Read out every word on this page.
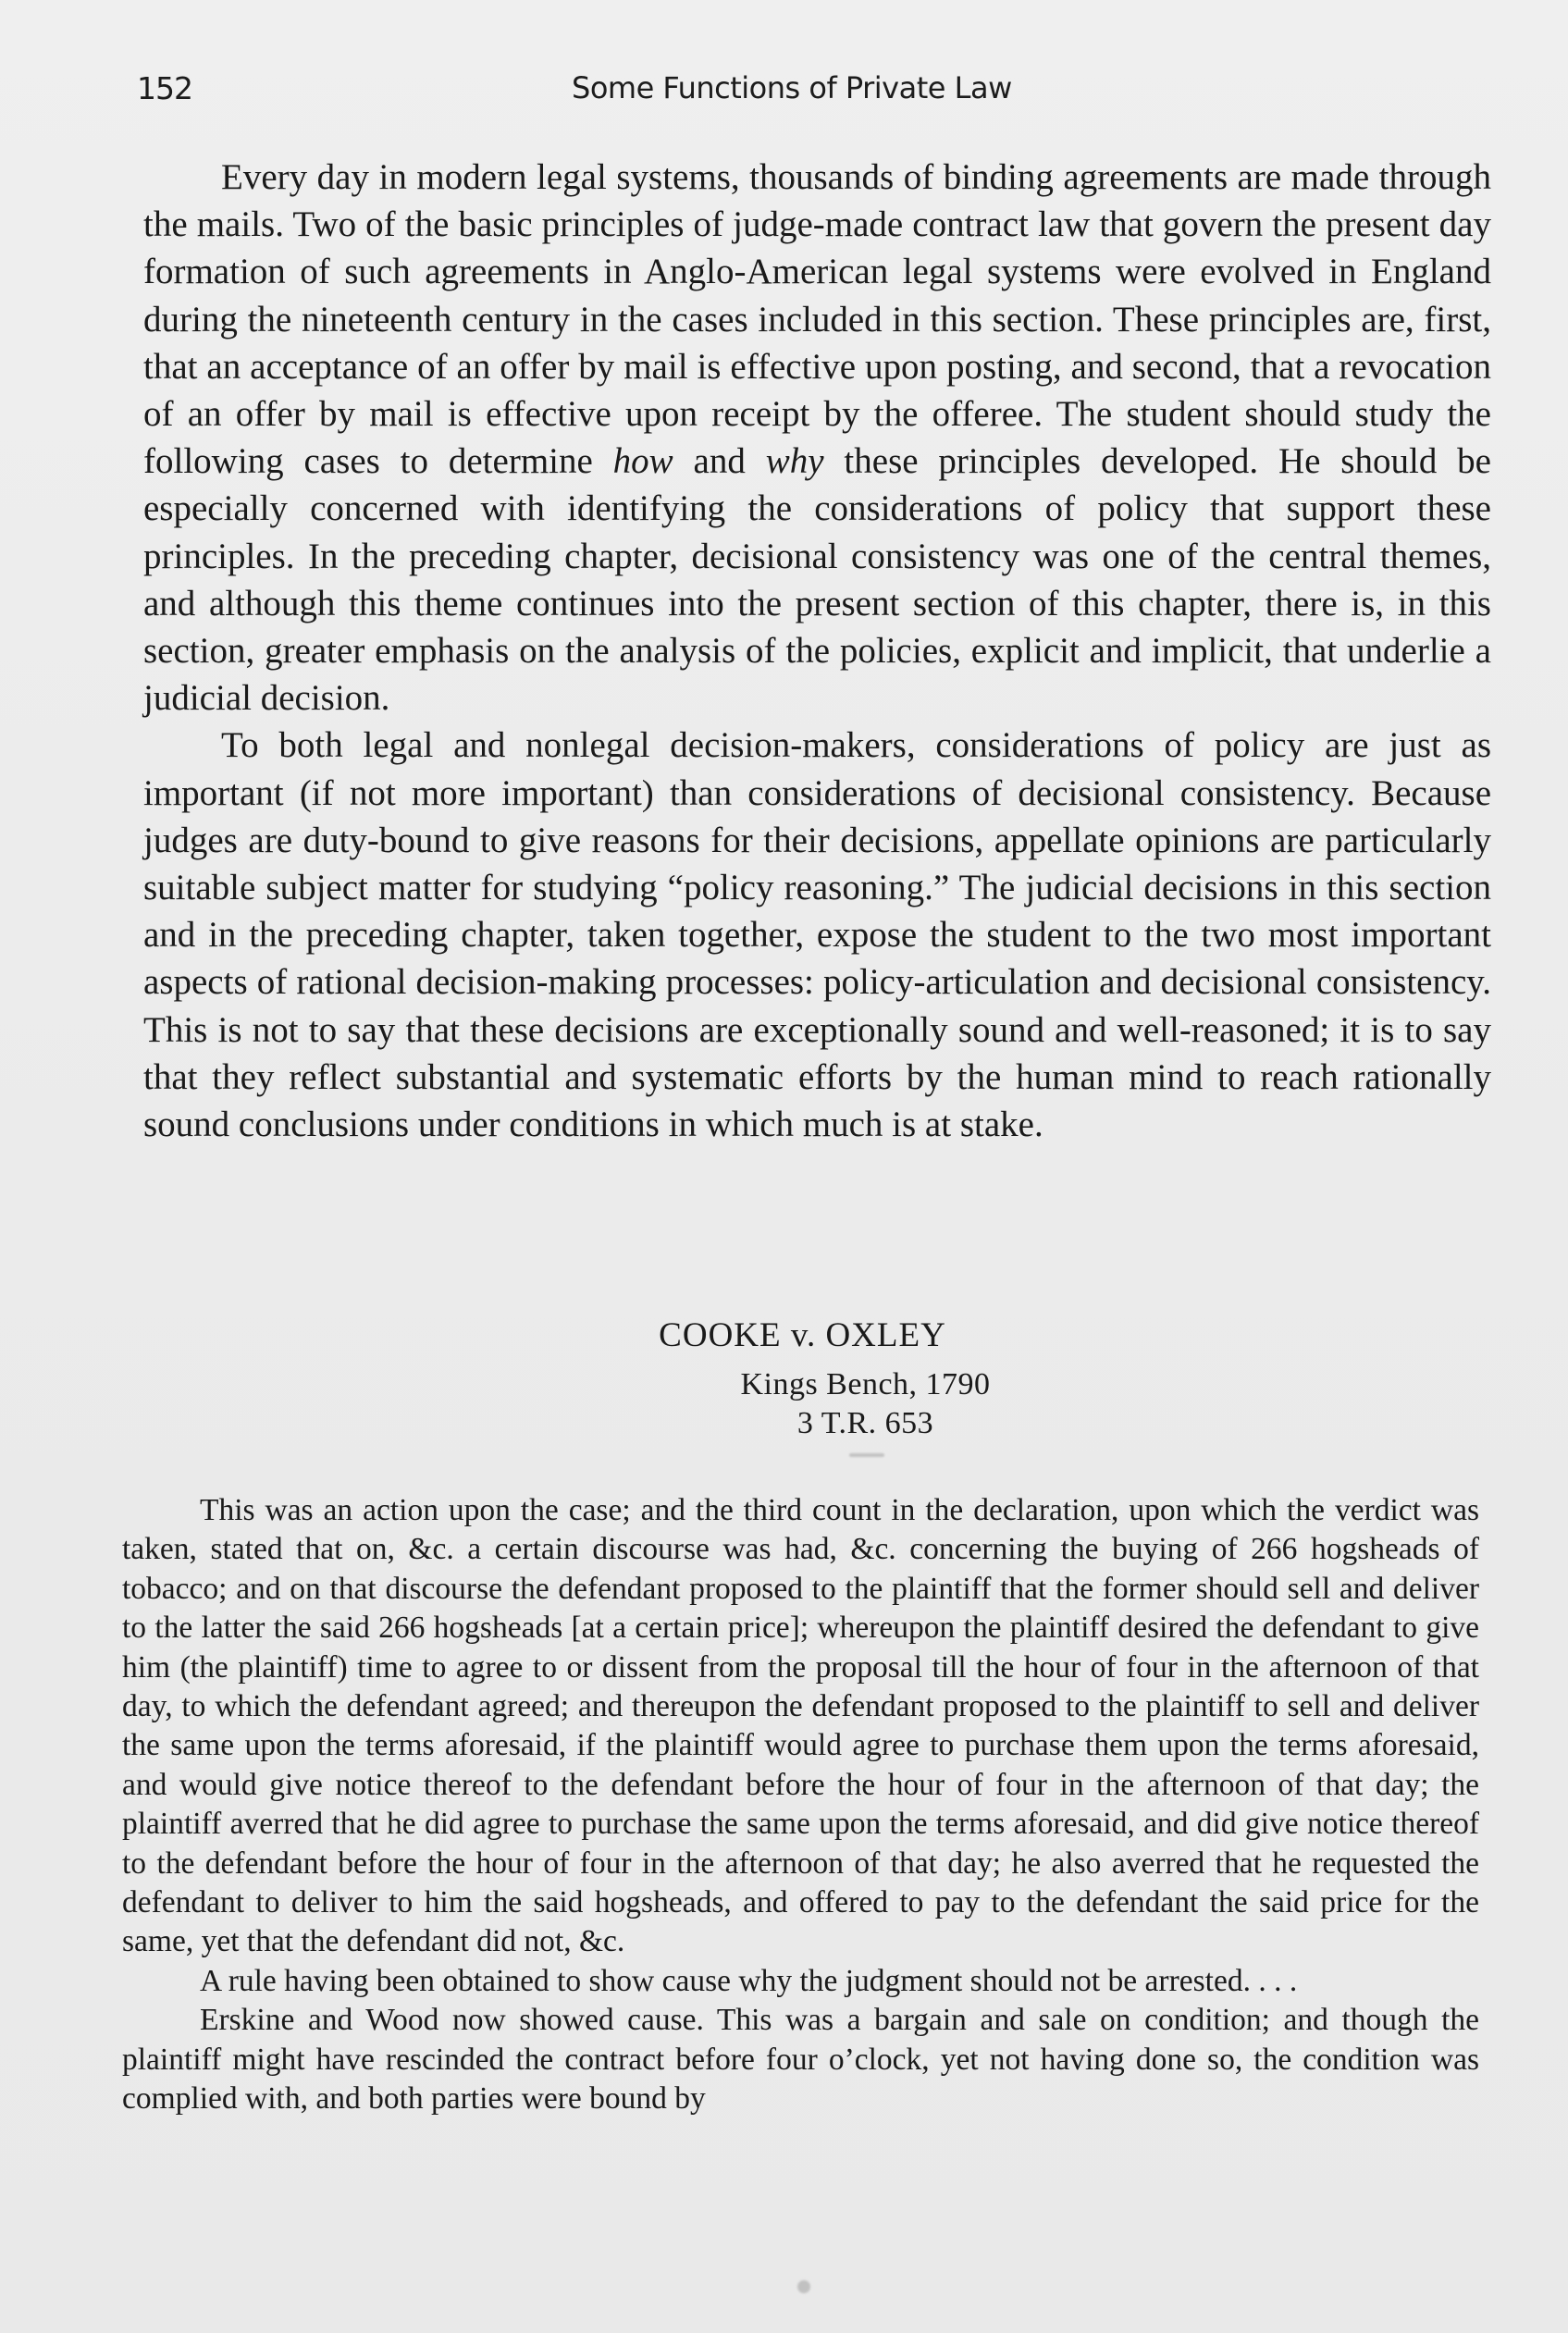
152	Some Functions of Private Law

Every day in modern legal systems, thousands of binding agreements are made through the mails. Two of the basic principles of judge-made contract law that govern the present day formation of such agreements in Anglo-American legal systems were evolved in England during the nineteenth century in the cases included in this section. These principles are, first, that an acceptance of an offer by mail is effective upon posting, and second, that a revocation of an offer by mail is effective upon receipt by the offeree. The student should study the following cases to determine how and why these principles developed. He should be especially concerned with identifying the considerations of policy that support these principles. In the preceding chapter, decisional consistency was one of the central themes, and although this theme continues into the present section of this chapter, there is, in this section, greater emphasis on the analysis of the policies, explicit and implicit, that underlie a judicial decision.

To both legal and nonlegal decision-makers, considerations of policy are just as important (if not more important) than considerations of decisional consistency. Because judges are duty-bound to give reasons for their decisions, appellate opinions are particularly suitable subject matter for studying “policy reasoning.” The judicial decisions in this section and in the preceding chapter, taken together, expose the student to the two most important aspects of rational decision-making processes: policy-articulation and decisional consistency. This is not to say that these decisions are exceptionally sound and well-reasoned; it is to say that they reflect substantial and systematic efforts by the human mind to reach rationally sound conclusions under conditions in which much is at stake.

COOKE v. OXLEY
Kings Bench, 1790
3 T.R. 653

This was an action upon the case; and the third count in the declaration, upon which the verdict was taken, stated that on, &c. a certain discourse was had, &c. concerning the buying of 266 hogsheads of tobacco; and on that discourse the defendant proposed to the plaintiff that the former should sell and deliver to the latter the said 266 hogsheads [at a certain price]; whereupon the plaintiff desired the defendant to give him (the plaintiff) time to agree to or dissent from the proposal till the hour of four in the afternoon of that day, to which the defendant agreed; and thereupon the defendant proposed to the plaintiff to sell and deliver the same upon the terms aforesaid, if the plaintiff would agree to purchase them upon the terms aforesaid, and would give notice thereof to the defendant before the hour of four in the afternoon of that day; the plaintiff averred that he did agree to purchase the same upon the terms aforesaid, and did give notice thereof to the defendant before the hour of four in the afternoon of that day; he also averred that he requested the defendant to deliver to him the said hogsheads, and offered to pay to the defendant the said price for the same, yet that the defendant did not, &c.

A rule having been obtained to show cause why the judgment should not be arrested. . . .

Erskine and Wood now showed cause. This was a bargain and sale on condition; and though the plaintiff might have rescinded the contract before four o’clock, yet not having done so, the condition was complied with, and both parties were bound by
